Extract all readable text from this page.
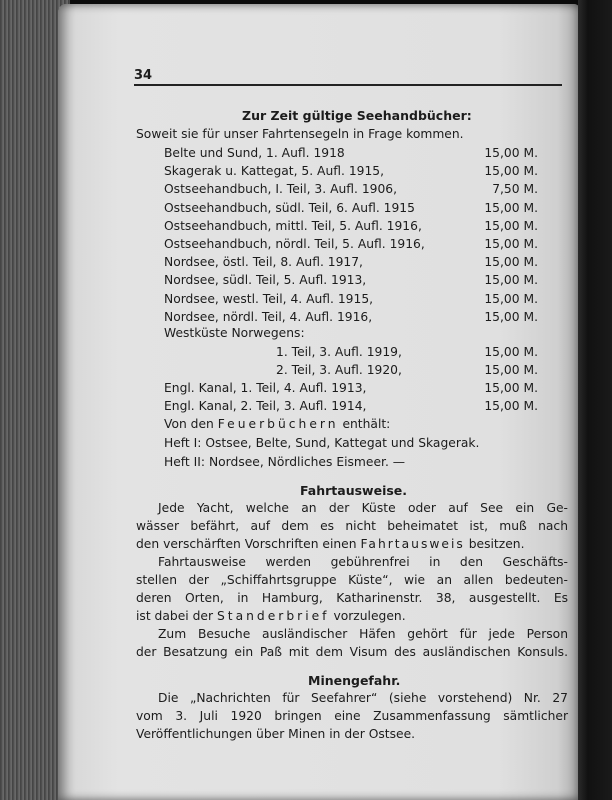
34
Zur Zeit gültige Seehandbücher:
Soweit sie für unser Fahrtensegeln in Frage kommen.
Belte und Sund, 1. Aufl. 1918	15,00 M.
Skagerak u. Kattegat, 5. Aufl. 1915,	15,00 M.
Ostseehandbuch, I. Teil, 3. Aufl. 1906,	7,50 M.
Ostseehandbuch, südl. Teil, 6. Aufl. 1915	15,00 M.
Ostseehandbuch, mittl. Teil, 5. Aufl. 1916,	15,00 M.
Ostseehandbuch, nördl. Teil, 5. Aufl. 1916,	15,00 M.
Nordsee, östl. Teil, 8. Aufl. 1917,	15,00 M.
Nordsee, südl. Teil, 5. Aufl. 1913,	15,00 M.
Nordsee, westl. Teil, 4. Aufl. 1915,	15,00 M.
Nordsee, nördl. Teil, 4. Aufl. 1916,	15,00 M.
Westküste Norwegens:
1. Teil, 3. Aufl. 1919,	15,00 M.
2. Teil, 3. Aufl. 1920,	15,00 M.
Engl. Kanal, 1. Teil, 4. Aufl. 1913,	15,00 M.
Engl. Kanal, 2. Teil, 3. Aufl. 1914,	15,00 M.
Von den Feuerbüchern enthält:
Heft I: Ostsee, Belte, Sund, Kattegat und Skagerak.
Heft II: Nordsee, Nördliches Eismeer. —
Fahrtausweise.
Jede Yacht, welche an der Küste oder auf See ein Ge-
wässer befährt, auf dem es nicht beheimatet ist, muß nach
den verschärften Vorschriften einen Fahrtausweis besitzen.
Fahrtausweise werden gebührenfrei in den Geschäfts-
stellen der „Schiffahrtsgruppe Küste“, wie an allen bedeuten-
deren Orten, in Hamburg, Katharinenstr. 38, ausgestellt. Es
ist dabei der Standerbrief vorzulegen.
Zum Besuche ausländischer Häfen gehört für jede Person
der Besatzung ein Paß mit dem Visum des ausländischen Konsuls.
Minengefahr.
Die „Nachrichten für Seefahrer“ (siehe vorstehend) Nr. 27
vom 3. Juli 1920 bringen eine Zusammenfassung sämtlicher
Veröffentlichungen über Minen in der Ostsee.
